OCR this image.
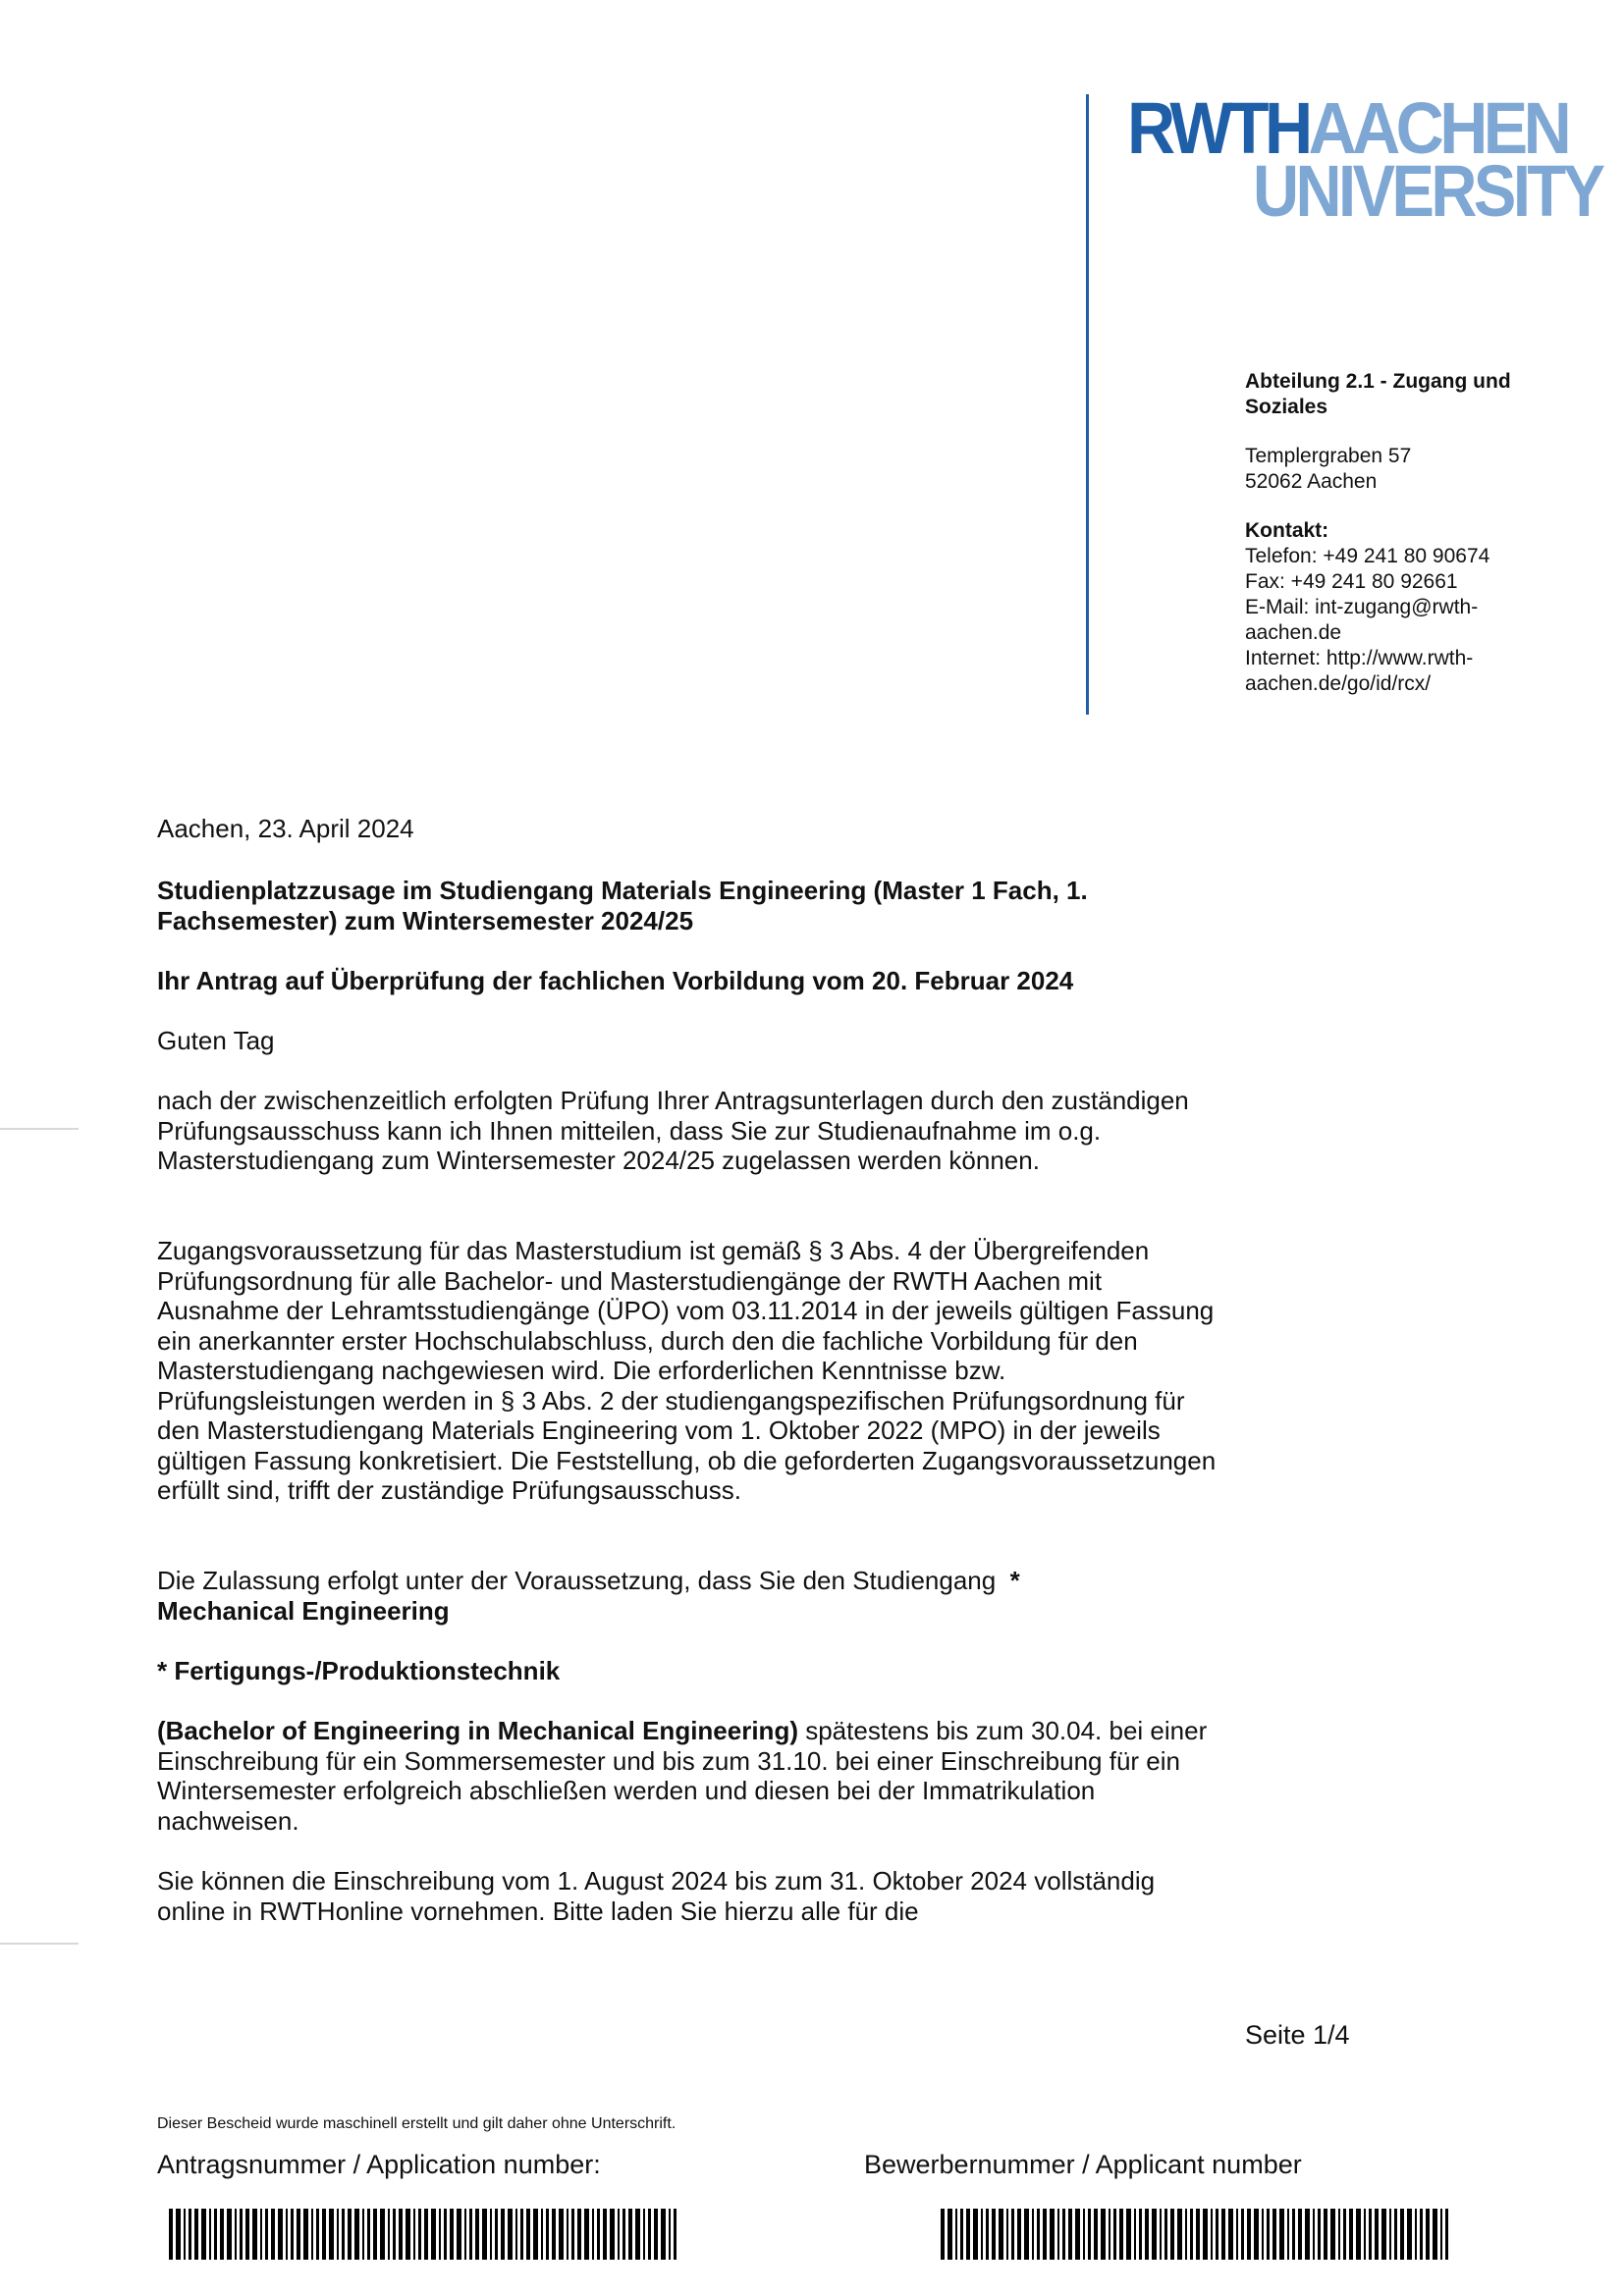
RWTHAACHEN
UNIVERSITY

Abteilung 2.1 - Zugang und Soziales

Templergraben 57

52062 Aachen

Kontakt:

Telefon: +49 241 80 90674

Fax: +49 241 80 92661

E-Mail: int-zugang@rwth-aachen.de

Internet: http://www.rwth-aachen.de/go/id/rcx/

Aachen, 23. April 2024
Studienplatzzusage im Studiengang Materials Engineering (Master 1 Fach, 1. Fachsemester) zum Wintersemester 2024/25
Ihr Antrag auf Überprüfung der fachlichen Vorbildung vom 20. Februar 2024
Guten Tag
nach der zwischenzeitlich erfolgten Prüfung Ihrer Antragsunterlagen durch den zuständigen Prüfungsausschuss kann ich Ihnen mitteilen, dass Sie zur Studienaufnahme im o.g. Masterstudiengang zum Wintersemester 2024/25 zugelassen werden können.
Zugangsvoraussetzung für das Masterstudium ist gemäß § 3 Abs. 4 der Übergreifenden Prüfungsordnung für alle Bachelor- und Masterstudiengänge der RWTH Aachen mit Ausnahme der Lehramtsstudiengänge (ÜPO) vom 03.11.2014 in der jeweils gültigen Fassung ein anerkannter erster Hochschulabschluss, durch den die fachliche Vorbildung für den Masterstudiengang nachgewiesen wird. Die erforderlichen Kenntnisse bzw. Prüfungsleistungen werden in § 3 Abs. 2 der studiengangspezifischen Prüfungsordnung für den Masterstudiengang Materials Engineering vom 1. Oktober 2022 (MPO) in der jeweils gültigen Fassung konkretisiert. Die Feststellung, ob die geforderten Zugangsvoraussetzungen erfüllt sind, trifft der zuständige Prüfungsausschuss.

Die Zulassung erfolgt unter der Voraussetzung, dass Sie den Studiengang *

Mechanical Engineering

* Fertigungs-/Produktionstechnik
(Bachelor of Engineering in Mechanical Engineering) spätestens bis zum 30.04. bei einer Einschreibung für ein Sommersemester und bis zum 31.10. bei einer Einschreibung für ein Wintersemester erfolgreich abschließen werden und diesen bei der Immatrikulation nachweisen.
Sie können die Einschreibung vom 1. August 2024 bis zum 31. Oktober 2024 vollständig online in RWTHonline vornehmen. Bitte laden Sie hierzu alle für die
Seite 1/4
Dieser Bescheid wurde maschinell erstellt und gilt daher ohne Unterschrift.
Antragsnummer / Application number:	Bewerbernummer / Applicant number
